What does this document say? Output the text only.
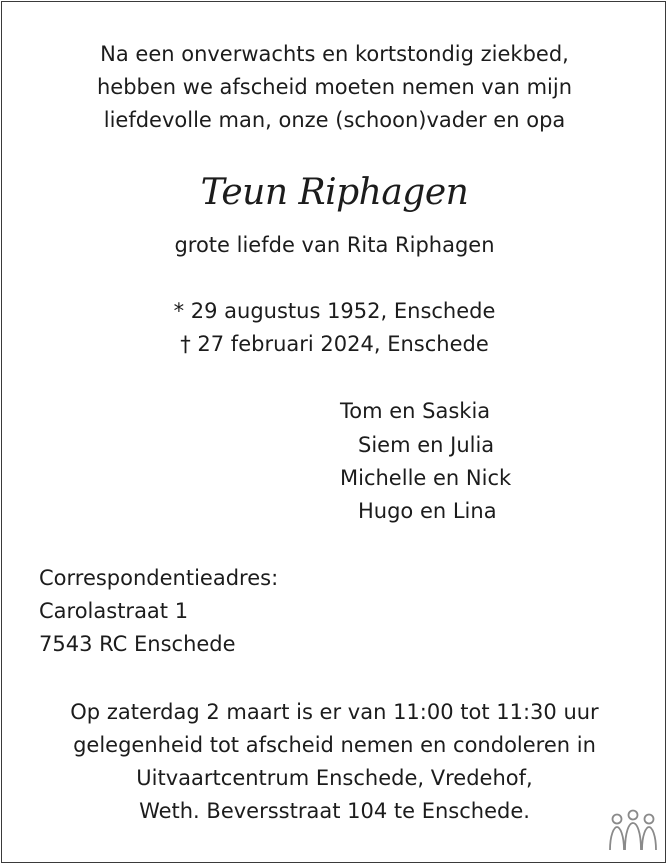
Na een onverwachts en kortstondig ziekbed,
hebben we afscheid moeten nemen van mijn
liefdevolle man, onze (schoon)vader en opa
Teun Riphagen
grote liefde van Rita Riphagen
* 29 augustus 1952, Enschede
† 27 februari 2024, Enschede
Tom en Saskia
Siem en Julia
Michelle en Nick
Hugo en Lina
Correspondentieadres:
Carolastraat 1
7543 RC Enschede
Op zaterdag 2 maart is er van 11:00 tot 11:30 uur
gelegenheid tot afscheid nemen en condoleren in
Uitvaartcentrum Enschede, Vredehof,
Weth. Beversstraat 104 te Enschede.
